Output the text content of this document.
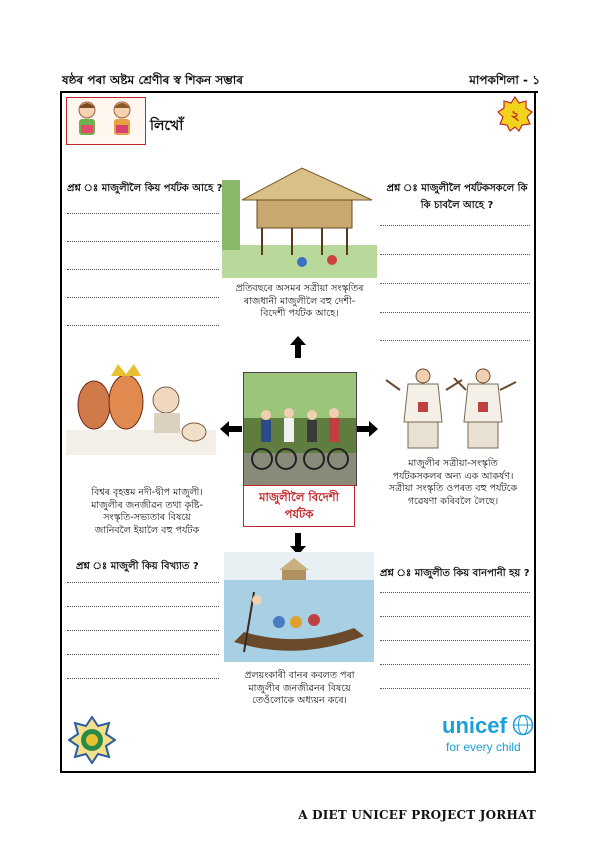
ষষ্ঠৰ পৰা অষ্টম শ্ৰেণীৰ স্ব শিকন সম্ভাৰ	মাপকশিলা - ১
লিখোঁ
২
প্ৰশ্ন ঃ মাজুলীলৈ কিয় পৰ্যটক আহে ?	প্ৰশ্ন ঃ মাজুলীলৈ পৰ্যটকসকলে কি কি চাবলৈ আহে ?
প্ৰতিবছৰে অসমৰ সত্ৰীয়া সংস্কৃতিৰ
ৰাজধানী মাজুলীলৈ বহু দেশী-
বিদেশী পৰ্যটক আহে।
মাজুলীলৈ বিদেশী
পৰ্যটক
বিশ্বৰ বৃহত্তম নদী-দ্বীপ মাজুলী।
মাজুলীৰ জনজীৱন তথা কৃষ্টি-
সংস্কৃতি-সভ্যতাৰ বিষয়ে
জানিবলৈ ইয়ালৈ বহু পৰ্যটক
মাজুলীৰ সত্ৰীয়া-সংস্কৃতি
পৰ্যটকসকলৰ অন্য এক আকৰ্ষণ।
সত্ৰীয়া সংস্কৃতি ওপৰত বহু পৰ্যটকে
গৱেষণা কৰিবলৈ লৈছে।
প্ৰশ্ন ঃ মাজুলী কিয় বিখ্যাত ?
প্ৰশ্ন ঃ মাজুলীত কিয় বানপানী হয় ?
প্ৰলয়ংকাৰী বানৰ কবলত পৰা
মাজুলীৰ জনজীৱনৰ বিষয়ে
তেওঁলোকে অধ্যয়ন কৰে।
unicef
for every child
A DIET UNICEF PROJECT JORHAT
